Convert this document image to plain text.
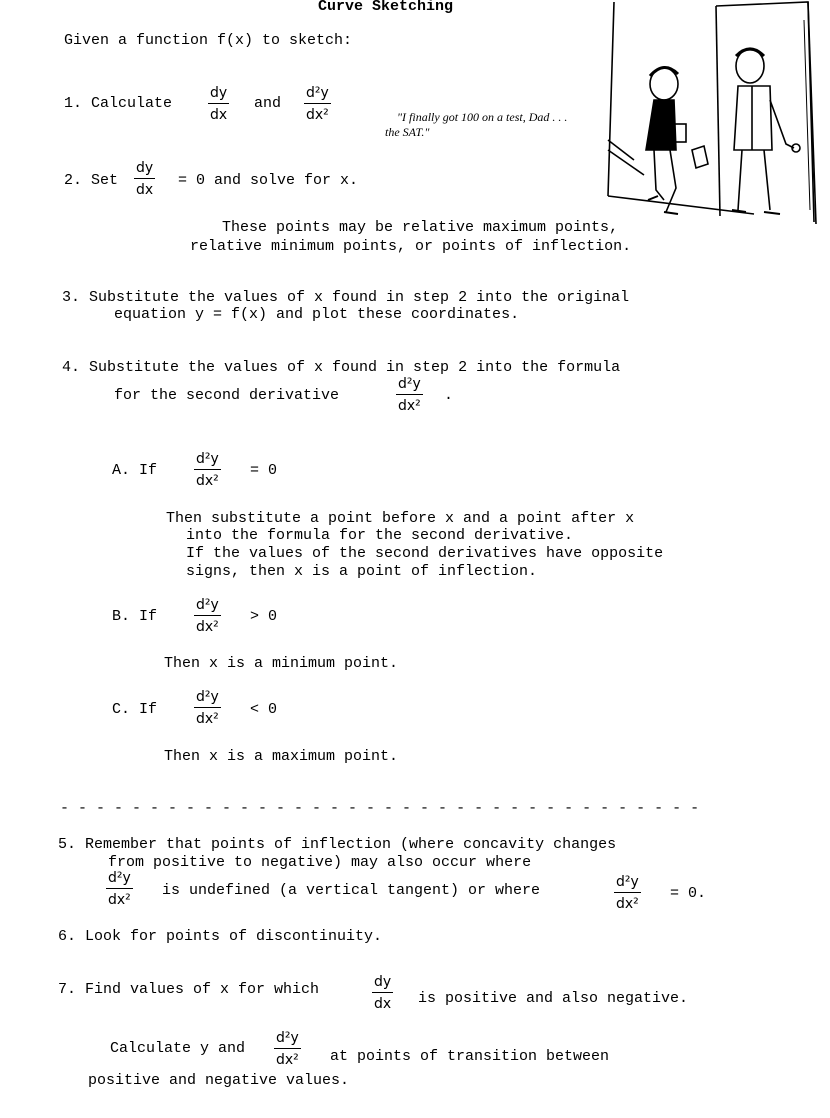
Curve Sketching
Given a function f(x) to sketch:
1. Calculate	$\frac{dy}{dx}$ and $\frac{\text{d²y}}{\text{dx²}}$	"I finally got 100 on a test, Dad . . .
the SAT."
2. Set $\frac{dy}{dx} = 0$ and solve for x.
These points may be relative maximum points,
relative minimum points, or points of inflection.
3. Substitute the values of x found in step 2 into the original
equation y = f(x) and plot these coordinates.
4. Substitute the values of x found in step 2 into the formula
for the second derivative	$\frac{\text{d²y}}{\text{dx²}}$ .
A. If	$\frac{\text{d²y}}{\text{dx²}} = 0$
Then substitute a point before x and a point after x
into the formula for the second derivative.
If the values of the second derivatives have opposite
signs, then x is a point of inflection.
B. If	$\frac{\text{d²y}}{\text{dx²}} > 0$
Then x is a minimum point.
C. If	$\frac{\text{d²y}}{\text{dx²}} < 0$
Then x is a maximum point.
- - - - - - - - - - - - - - - - - - - - - - - - - - - - - - - - - - - -
5. Remember that points of inflection (where concavity changes
from positive to negative) may also occur where
$\frac{\text{d²y}}{\text{dx²}}$ is undefined (a vertical tangent) or where	$\frac{\text{d²y}}{\text{dx²}} = 0$.
6. Look for points of discontinuity.
7. Find values of x for which	$\frac{dy}{dx}$ is positive and also negative.
Calculate y and $\frac{\text{d²y}}{\text{dx²}}$ at points of transition between
positive and negative values.
